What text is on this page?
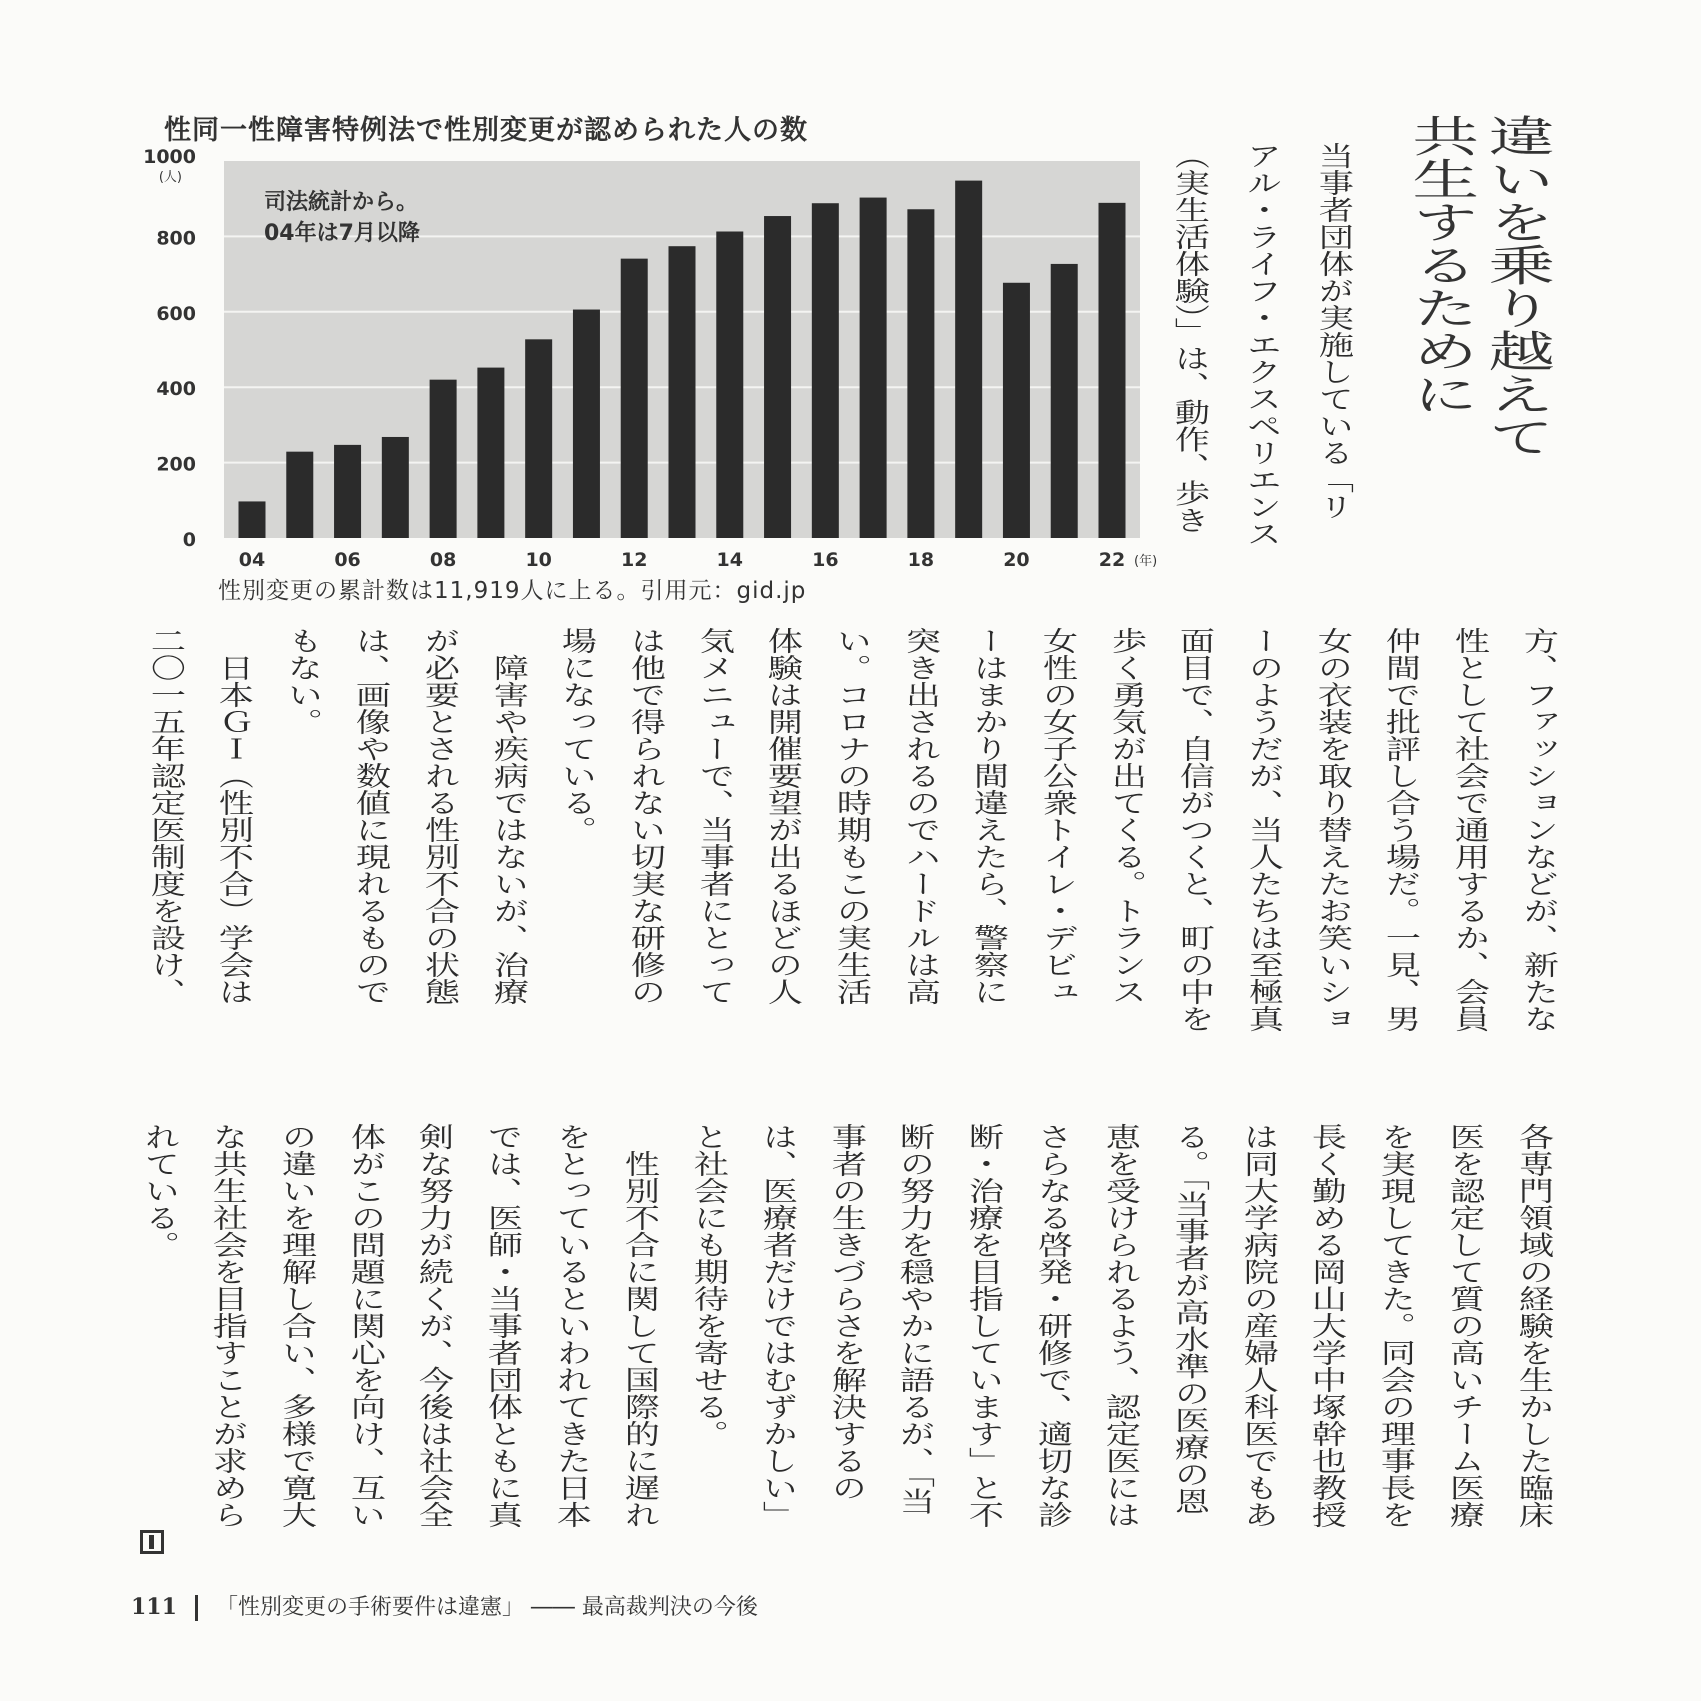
性同一性障害特例法で性別変更が認められた人の数
0
200
400
600
800
1000
(人)
04	06	08	10	12	14	16	18	20	22 (年)
司法統計から。
04年は7月以降
性別変更の累計数は11,919人に上る。引用元：gid.jp
違いを乗り越えて
共生するために
当事者団体が実施している「リ
アル・ライフ・エクスペリエンス
（実生活体験）」は、動作、歩き
方、ファッションなどが、新たな
性として社会で通用するか、会員
仲間で批評し合う場だ。一見、男
女の衣装を取り替えたお笑いショ
ーのようだが、当人たちは至極真
面目で、自信がつくと、町の中を
歩く勇気が出てくる。トランス
女性の女子公衆トイレ・デビュ
ーはまかり間違えたら、警察に
突き出されるのでハードルは高
い。コロナの時期もこの実生活
体験は開催要望が出るほどの人
気メニューで、当事者にとって
は他で得られない切実な研修の
場になっている。
　障害や疾病ではないが、治療
が必要とされる性別不合の状態
は、画像や数値に現れるもので
もない。
　日本ＧＩ（性別不合）学会は
二〇一五年認定医制度を設け、
各専門領域の経験を生かした臨床
医を認定して質の高いチーム医療
を実現してきた。同会の理事長を
長く勤める岡山大学中塚幹也教授
は同大学病院の産婦人科医でもあ
る。「当事者が高水準の医療の恩
恵を受けられるよう、認定医には
さらなる啓発・研修で、適切な診
断・治療を目指しています」と不
断の努力を穏やかに語るが、「当
事者の生きづらさを解決するの
は、医療者だけではむずかしい」
と社会にも期待を寄せる。
　性別不合に関して国際的に遅れ
をとっているといわれてきた日本
では、医師・当事者団体ともに真
剣な努力が続くが、今後は社会全
体がこの問題に関心を向け、互い
の違いを理解し合い、多様で寛大
な共生社会を目指すことが求めら
れている。
111 「性別変更の手術要件は違憲」 ―― 最高裁判決の今後
